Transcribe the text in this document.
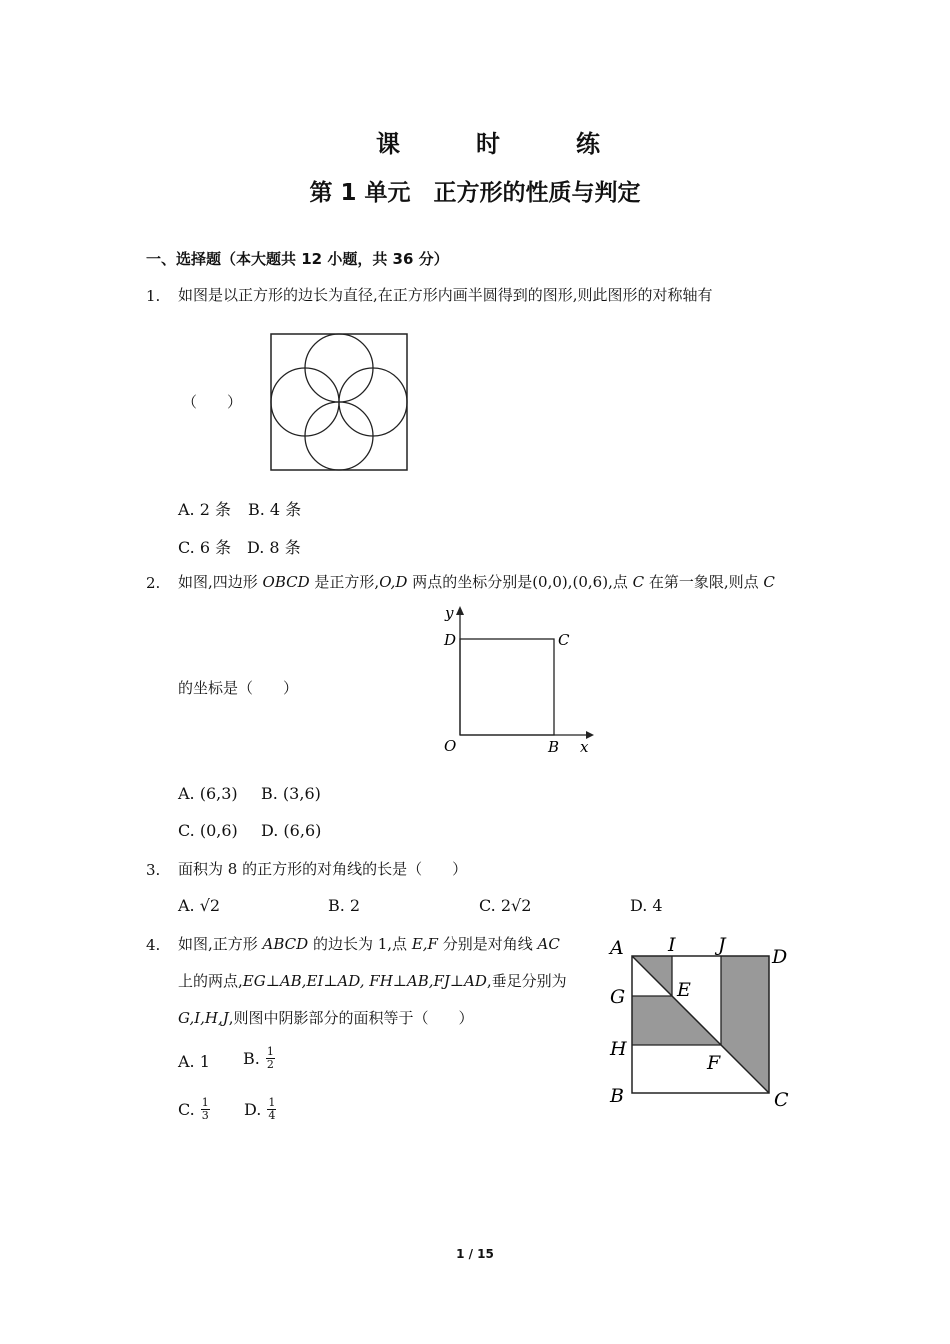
课　时　练
第 1 单元　正方形的性质与判定
一、选择题（本大题共 12 小题，共 36 分）
1. 如图是以正方形的边长为直径,在正方形内画半圆得到的图形,则此图形的对称轴有
（　　）
A. 2 条 B. 4 条
C. 6 条 D. 8 条
2. 如图,四边形 OBCD 是正方形,O,D 两点的坐标分别是(0,0),(0,6),点 C 在第一象限,则点 C
的坐标是（　　）
y
D	C
O	B x
A. (6,3) B. (3,6)
C. (0,6) D. (6,6)
3. 面积为 8 的正方形的对角线的长是（　　）
A. √2	B. 2	C. 2√2	D. 4
4. 如图,正方形 ABCD 的边长为 1,点 E,F 分别是对角线 AC
上的两点,EG⊥AB,EI⊥AD, FH⊥AB,FJ⊥AD,垂足分别为
G,I,H,J,则图中阴影部分的面积等于（　　）
A I J
D
G	E
H
F
B	C
A. 1 B. $\frac{1}{2}$
C. $\frac{1}{3} D$. $\frac{1}{4}$
1 / 15
